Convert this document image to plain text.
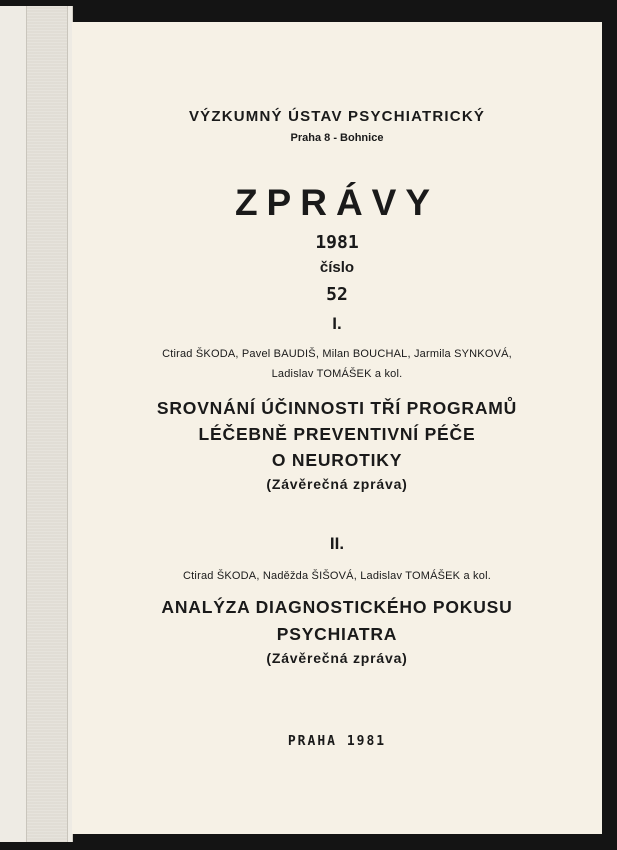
VÝZKUMNÝ ÚSTAV PSYCHIATRICKÝ
Praha 8 - Bohnice
ZPRÁVY
1981
číslo
52
I.
Ctirad ŠKODA, Pavel BAUDIŠ, Milan BOUCHAL, Jarmila SYNKOVÁ,
Ladislav TOMÁŠEK a kol.
SROVNÁNÍ ÚČINNOSTI TŘÍ PROGRAMŮ
LÉČEBNĚ PREVENTIVNÍ PÉČE
O NEUROTIKY
(Závěrečná zpráva)
II.
Ctirad ŠKODA, Naděžda ŠIŠOVÁ, Ladislav TOMÁŠEK a kol.
ANALÝZA DIAGNOSTICKÉHO POKUSU
PSYCHIATRA
(Závěrečná zpráva)
PRAHA 1981
